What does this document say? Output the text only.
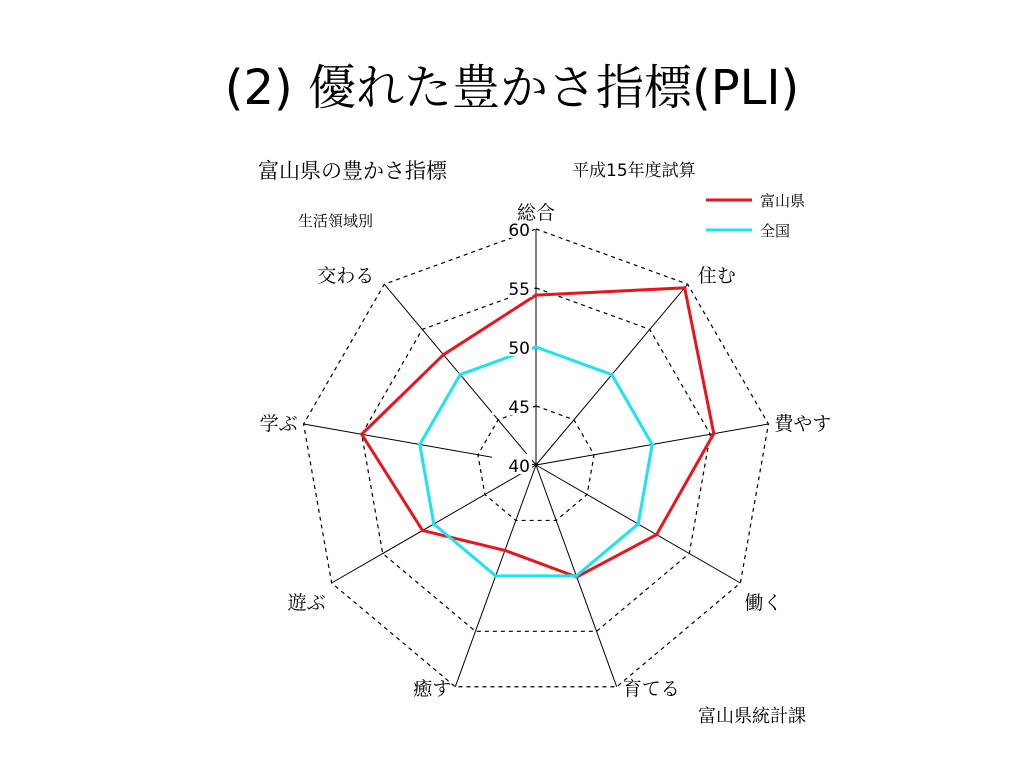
(2) 優れた豊かさ指標(PLI)
40
45
50
55
60
総合
住む
費やす
働く
育てる
癒す
遊ぶ
学ぶ
交わる
富山県の豊かさ指標	平成15年度試算
生活領域別
富山県統計課
富山県
全国
